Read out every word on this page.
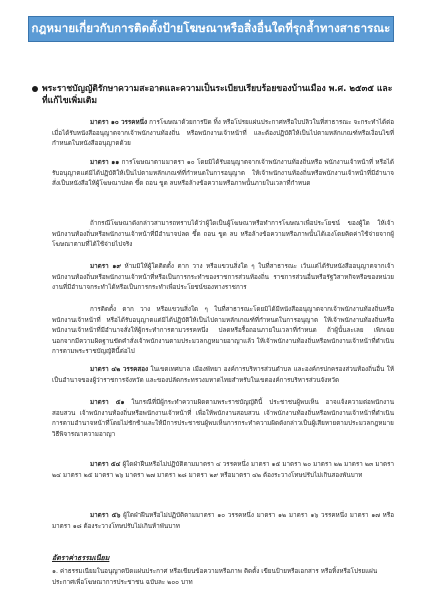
กฎหมายเกี่ยวกับการติดตั้งป้ายโฆษณาหรือสิ่งอื่นใดที่รุกล้ำทางสาธารณะ
พระราชบัญญัติรักษาความสะอาดและความเป็นระเบียบเรียบร้อยของบ้านเมือง พ.ศ. ๒๕๓๕ และที่แก้ไขเพิ่มเติม
มาตรา ๑๐ วรรคหนึ่ง การโฆษณาด้วยการปิด ทิ้ง หรือโปรยแผ่นประกาศหรือใบปลิวในที่สาธารณะ จะกระทำได้ต่อเมื่อได้รับหนังสืออนุญาตจากเจ้าพนักงานท้องถิ่น หรือพนักงานเจ้าหน้าที่ และต้องปฏิบัติให้เป็นไปตามหลักเกณฑ์หรือเงื่อนไขที่กำหนดในหนังสืออนุญาตด้วย
มาตรา ๑๑ การโฆษณาตามมาตรา ๑๐ โดยมิได้รับอนุญาตจากเจ้าพนักงานท้องถิ่นหรือ พนักงานเจ้าหน้าที่ หรือได้รับอนุญาตแต่มิได้ปฏิบัติให้เป็นไปตามหลักเกณฑ์ที่กำหนดในการอนุญาต ให้เจ้าพนักงานท้องถิ่นหรือพนักงานเจ้าหน้าที่มีอำนาจสั่งเป็นหนังสือให้ผู้โฆษณาปลด ขึ้ด ถอน ขูด ลบหรือล้างข้อความหรือภาพนั้นภายในเวลาที่กำหนด
ถ้ากรณีโฆษณาดังกล่าวสามารถทราบได้ว่าผู้ใดเป็นผู้โฆษณาหรือทำการโฆษณาเพื่อประโยชน์ ของผู้ใด ให้เจ้าพนักงานท้องถิ่นหรือพนักงานเจ้าหน้าที่มีอำนาจปลด ขึ้ด ถอน ขูด ลบ หรือล้างข้อความหรือภาพนั้นได้เองโดยคิดค่าใช้จ่ายจากผู้โฆษณาตามที่ได้ใช้จ่ายไปจริง
มาตรา ๑๙ ห้ามมิให้ผู้ใดติดตั้ง ตาก วาง หรือแขวนสิ่งใด ๆ ในที่สาธารณะ เว้นแต่ได้รับหนังสืออนุญาตจากเจ้าพนักงานท้องถิ่นหรือพนักงานเจ้าหน้าที่หรือเป็นการกระทำของราชการส่วนท้องถิ่น ราชการส่วนอื่นหรือรัฐวิสาหกิจหรือของหน่วยงานที่มีอำนาจกระทำได้หรือเป็นการกระทำเพื่อประโยชน์ของทางราชการ
การติดตั้ง ตาก วาง หรือแขวนสิ่งใด ๆ ในที่สาธารณะโดยมิได้มีหนังสืออนุญาตจากเจ้าพนักงานท้องถิ่นหรือพนักงานเจ้าหน้าที่ หรือได้รับอนุญาตแต่มิได้ปฏิบัติให้เป็นไปตามหลักเกณฑ์ที่กำหนดในการอนุญาต ให้เจ้าพนักงานท้องถิ่นหรือพนักงานเจ้าหน้าที่มีอำนาจสั่งให้ผู้กระทำการตามวรรคหนึ่ง ปลดหรือรื้อถอนภายในเวลาที่กำหนด ถ้าผู้นั้นละเลย เพิกเฉย นอกจากมีความผิดฐานขัดคำสั่งเจ้าพนักงานตามประมวลกฎหมายอาญาแล้ว ให้เจ้าพนักงานท้องถิ่นหรือพนักงานเจ้าหน้าที่ดำเนินการตามพระราชบัญญัตินี้ต่อไป
มาตรา ๔๒ วรรคสอง ในเขตเทศบาล เมืองพัทยา องค์การบริหารส่วนตำบล และองค์กรปกครองส่วนท้องถิ่นอื่น ให้เป็นอำนาจของผู้ว่าราชการจังหวัด และของปลัดกระทรวงมหาดไทยสำหรับในเขตองค์การบริหารส่วนจังหวัด
มาตรา ๕๑ ในกรณีที่มีผู้กระทำความผิดตามพระราชบัญญัตินี้ ประชาชนผู้พบเห็น อาจแจ้งความต่อพนักงานสอบสวน เจ้าพนักงานท้องถิ่นหรือพนักงานเจ้าหน้าที่ เพื่อให้พนักงานสอบสวน เจ้าพนักงานท้องถิ่นหรือพนักงานเจ้าหน้าที่ดำเนินการตามอำนาจหน้าที่โดยไม่ชักช้าและให้มีการประชาชนผู้พบเห็นการกระทำความผิดดังกล่าวเป็นผู้เสียหายตามประมวลกฎหมายวิธีพิจารณาความอาญา
มาตรา ๕๔ ผู้ใดฝ่าฝืนหรือไม่ปฏิบัติตามมาตรา ๔ วรรคหนึ่ง มาตรา ๑๕ มาตรา ๒๐ มาตรา ๒๒ มาตรา ๒๓ มาตรา ๒๔ มาตรา ๒๕ มาตรา ๒๖ มาตรา ๒๗ มาตรา ๒๘ มาตรา ๒๙ หรือมาตรา ๔๒ ต้องระวางโทษปรับไม่เกินสองพันบาท
มาตรา ๕๖ ผู้ใดฝ่าฝืนหรือไม่ปฏิบัติตามมาตรา ๑๐ วรรคหนึ่ง มาตรา ๑๒ มาตรา ๑๖ วรรคหนึ่ง มาตรา ๑๗ หรือมาตรา ๑๘ ต้องระวางโทษปรับไม่เกินห้าพันบาท
อัตราค่าธรรมเนียม
๑. ค่าธรรมเนียมในอนุญาตปิดแผ่นประกาศ หรือเขียนข้อความหรือภาพ ติดตั้ง เขียนป้ายหรือเอกสาร หรือทิ้งหรือโปรยแผ่นประกาศเพื่อโฆษณาการประชาชน ฉบับละ ๒๐๐ บาท
